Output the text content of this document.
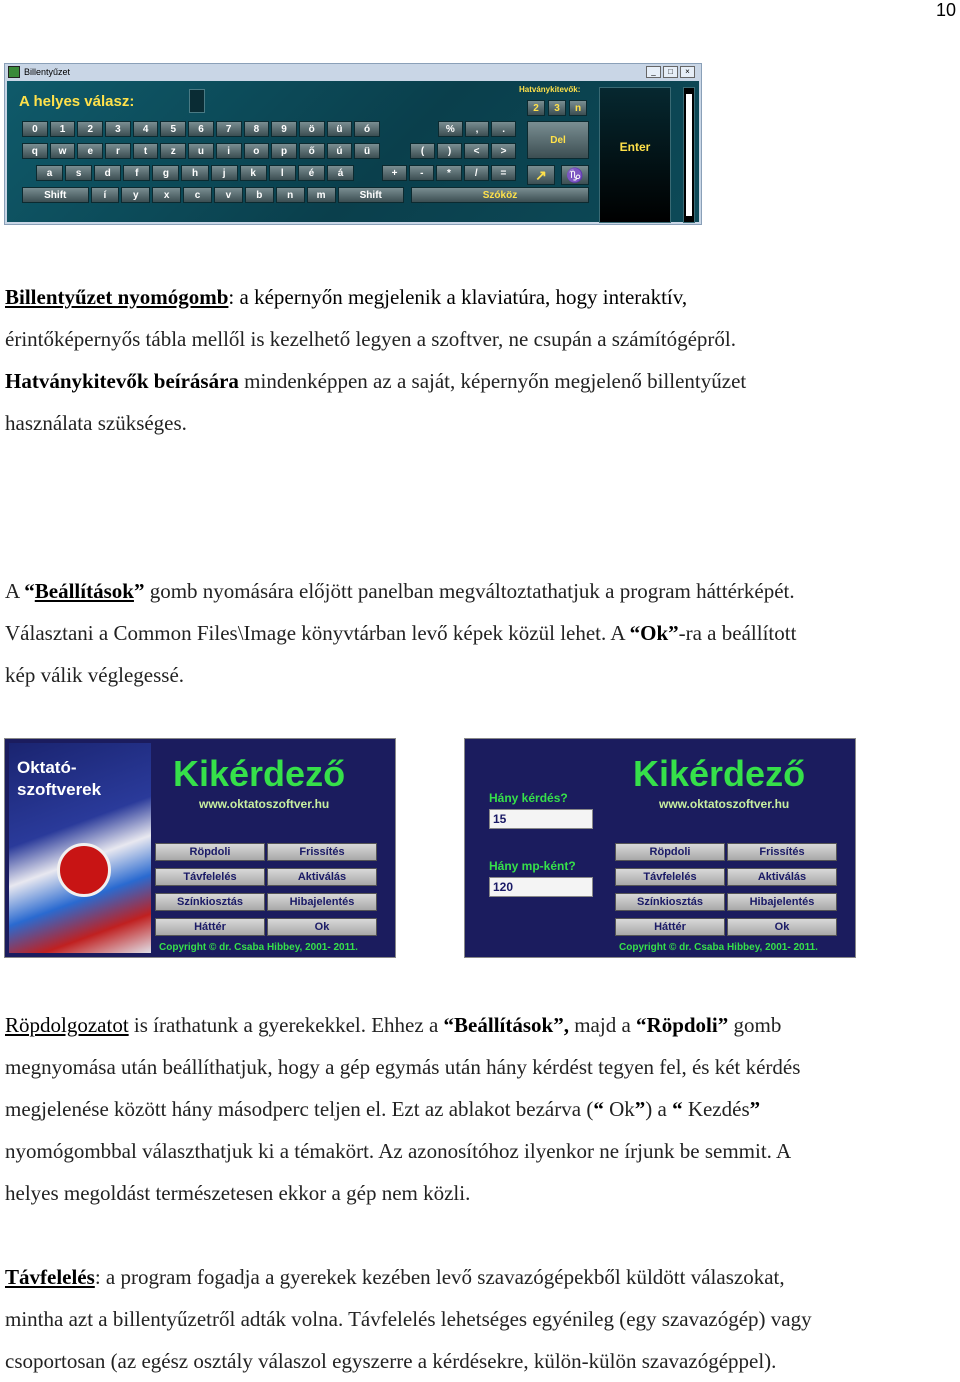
10
Billentyűzet	_	□	×
A helyes válasz:
Hatványkitevők:
2	3	n
0	1	2	3	4	5	6	7	8	9	ö	ü	ó
q	w	e	r	t	z	u	i	o	p	ő	ú	ü
a	s	d	f	g	h	j	k	l	é	á
Shift	í	y	x	c	v	b	n	m	Shift
%	,	.
(	)	<	>
+	-	*	/	=
Del
↗	♑
Szóköz
Enter
Billentyűzet nyomógomb: a képernyőn megjelenik a klaviatúra, hogy interaktív,
érintőképernyős tábla mellől is kezelhető legyen a szoftver, ne csupán a számítógépről.
Hatványkitevők beírására mindenképpen az a saját, képernyőn megjelenő billentyűzet
használata szükséges.
A “Beállítások” gomb nyomására előjött panelban megváltoztathatjuk a program háttérképét.
Választani a Common Files\Image könyvtárban levő képek közül lehet. A “Ok”-ra a beállított
kép válik véglegessé.
Oktató-
szoftverek Kikérdező
www.oktatoszoftver.hu
Röpdoli	Frissítés
Távfelelés	Aktiválás
Színkiosztás	Hibajelentés
Háttér	Ok
Copyright © dr. Csaba Hibbey, 2001- 2011.
Kikérdező
www.oktatoszoftver.hu
Hány kérdés?
15
Hány mp-ként?
120
Röpdoli	Frissítés
Távfelelés	Aktiválás
Színkiosztás	Hibajelentés
Háttér	Ok
Copyright © dr. Csaba Hibbey, 2001- 2011.
Röpdolgozatot is írathatunk a gyerekekkel. Ehhez a “Beállítások”, majd a “Röpdoli” gomb
megnyomása után beállíthatjuk, hogy a gép egymás után hány kérdést tegyen fel, és két kérdés
megjelenése között hány másodperc teljen el. Ezt az ablakot bezárva (“ Ok”) a “ Kezdés”
nyomógombbal választhatjuk ki a témakört. Az azonosítóhoz ilyenkor ne írjunk be semmit. A
helyes megoldást természetesen ekkor a gép nem közli.
Távfelelés: a program fogadja a gyerekek kezében levő szavazógépekből küldött válaszokat,
mintha azt a billentyűzetről adták volna. Távfelelés lehetséges egyénileg (egy szavazógép) vagy
csoportosan (az egész osztály válaszol egyszerre a kérdésekre, külön-külön szavazógéppel).
